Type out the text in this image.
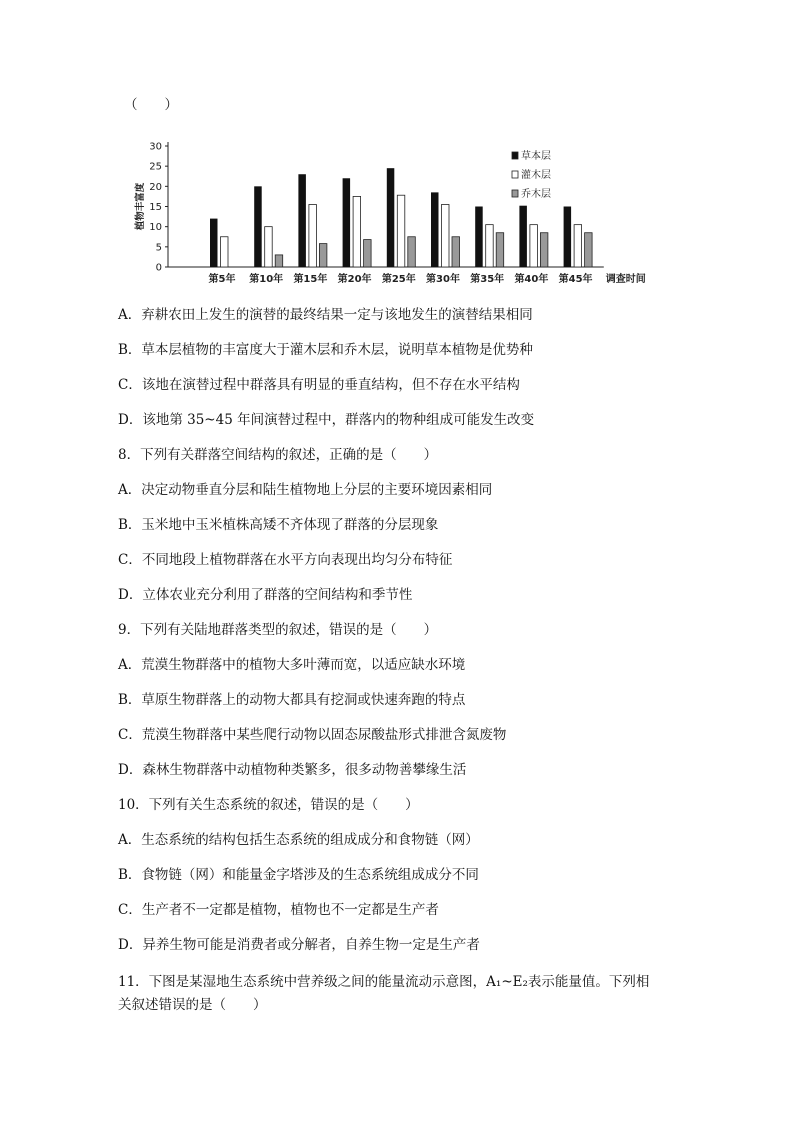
（　　）
0
5
10
15
20
25
30
植物丰富度
第5年 第10年 第15年 第20年 第25年 第30年 第35年 第40年 第45年 调查时间
草本层
灌木层
乔木层
A．弃耕农田上发生的演替的最终结果一定与该地发生的演替结果相同
B．草本层植物的丰富度大于灌木层和乔木层，说明草本植物是优势种
C．该地在演替过程中群落具有明显的垂直结构，但不存在水平结构
D．该地第 35~45 年间演替过程中，群落内的物种组成可能发生改变
8．下列有关群落空间结构的叙述，正确的是（　　）
A．决定动物垂直分层和陆生植物地上分层的主要环境因素相同
B．玉米地中玉米植株高矮不齐体现了群落的分层现象
C．不同地段上植物群落在水平方向表现出均匀分布特征
D．立体农业充分利用了群落的空间结构和季节性
9．下列有关陆地群落类型的叙述，错误的是（　　）
A．荒漠生物群落中的植物大多叶薄而宽，以适应缺水环境
B．草原生物群落上的动物大都具有挖洞或快速奔跑的特点
C．荒漠生物群落中某些爬行动物以固态尿酸盐形式排泄含氮废物
D．森林生物群落中动植物种类繁多，很多动物善攀缘生活
10．下列有关生态系统的叙述，错误的是（　　）
A．生态系统的结构包括生态系统的组成成分和食物链（网）
B．食物链（网）和能量金字塔涉及的生态系统组成成分不同
C．生产者不一定都是植物，植物也不一定都是生产者
D．异养生物可能是消费者或分解者，自养生物一定是生产者
11．下图是某湿地生态系统中营养级之间的能量流动示意图，A₁~E₂表示能量值。下列相
关叙述错误的是（　　）
